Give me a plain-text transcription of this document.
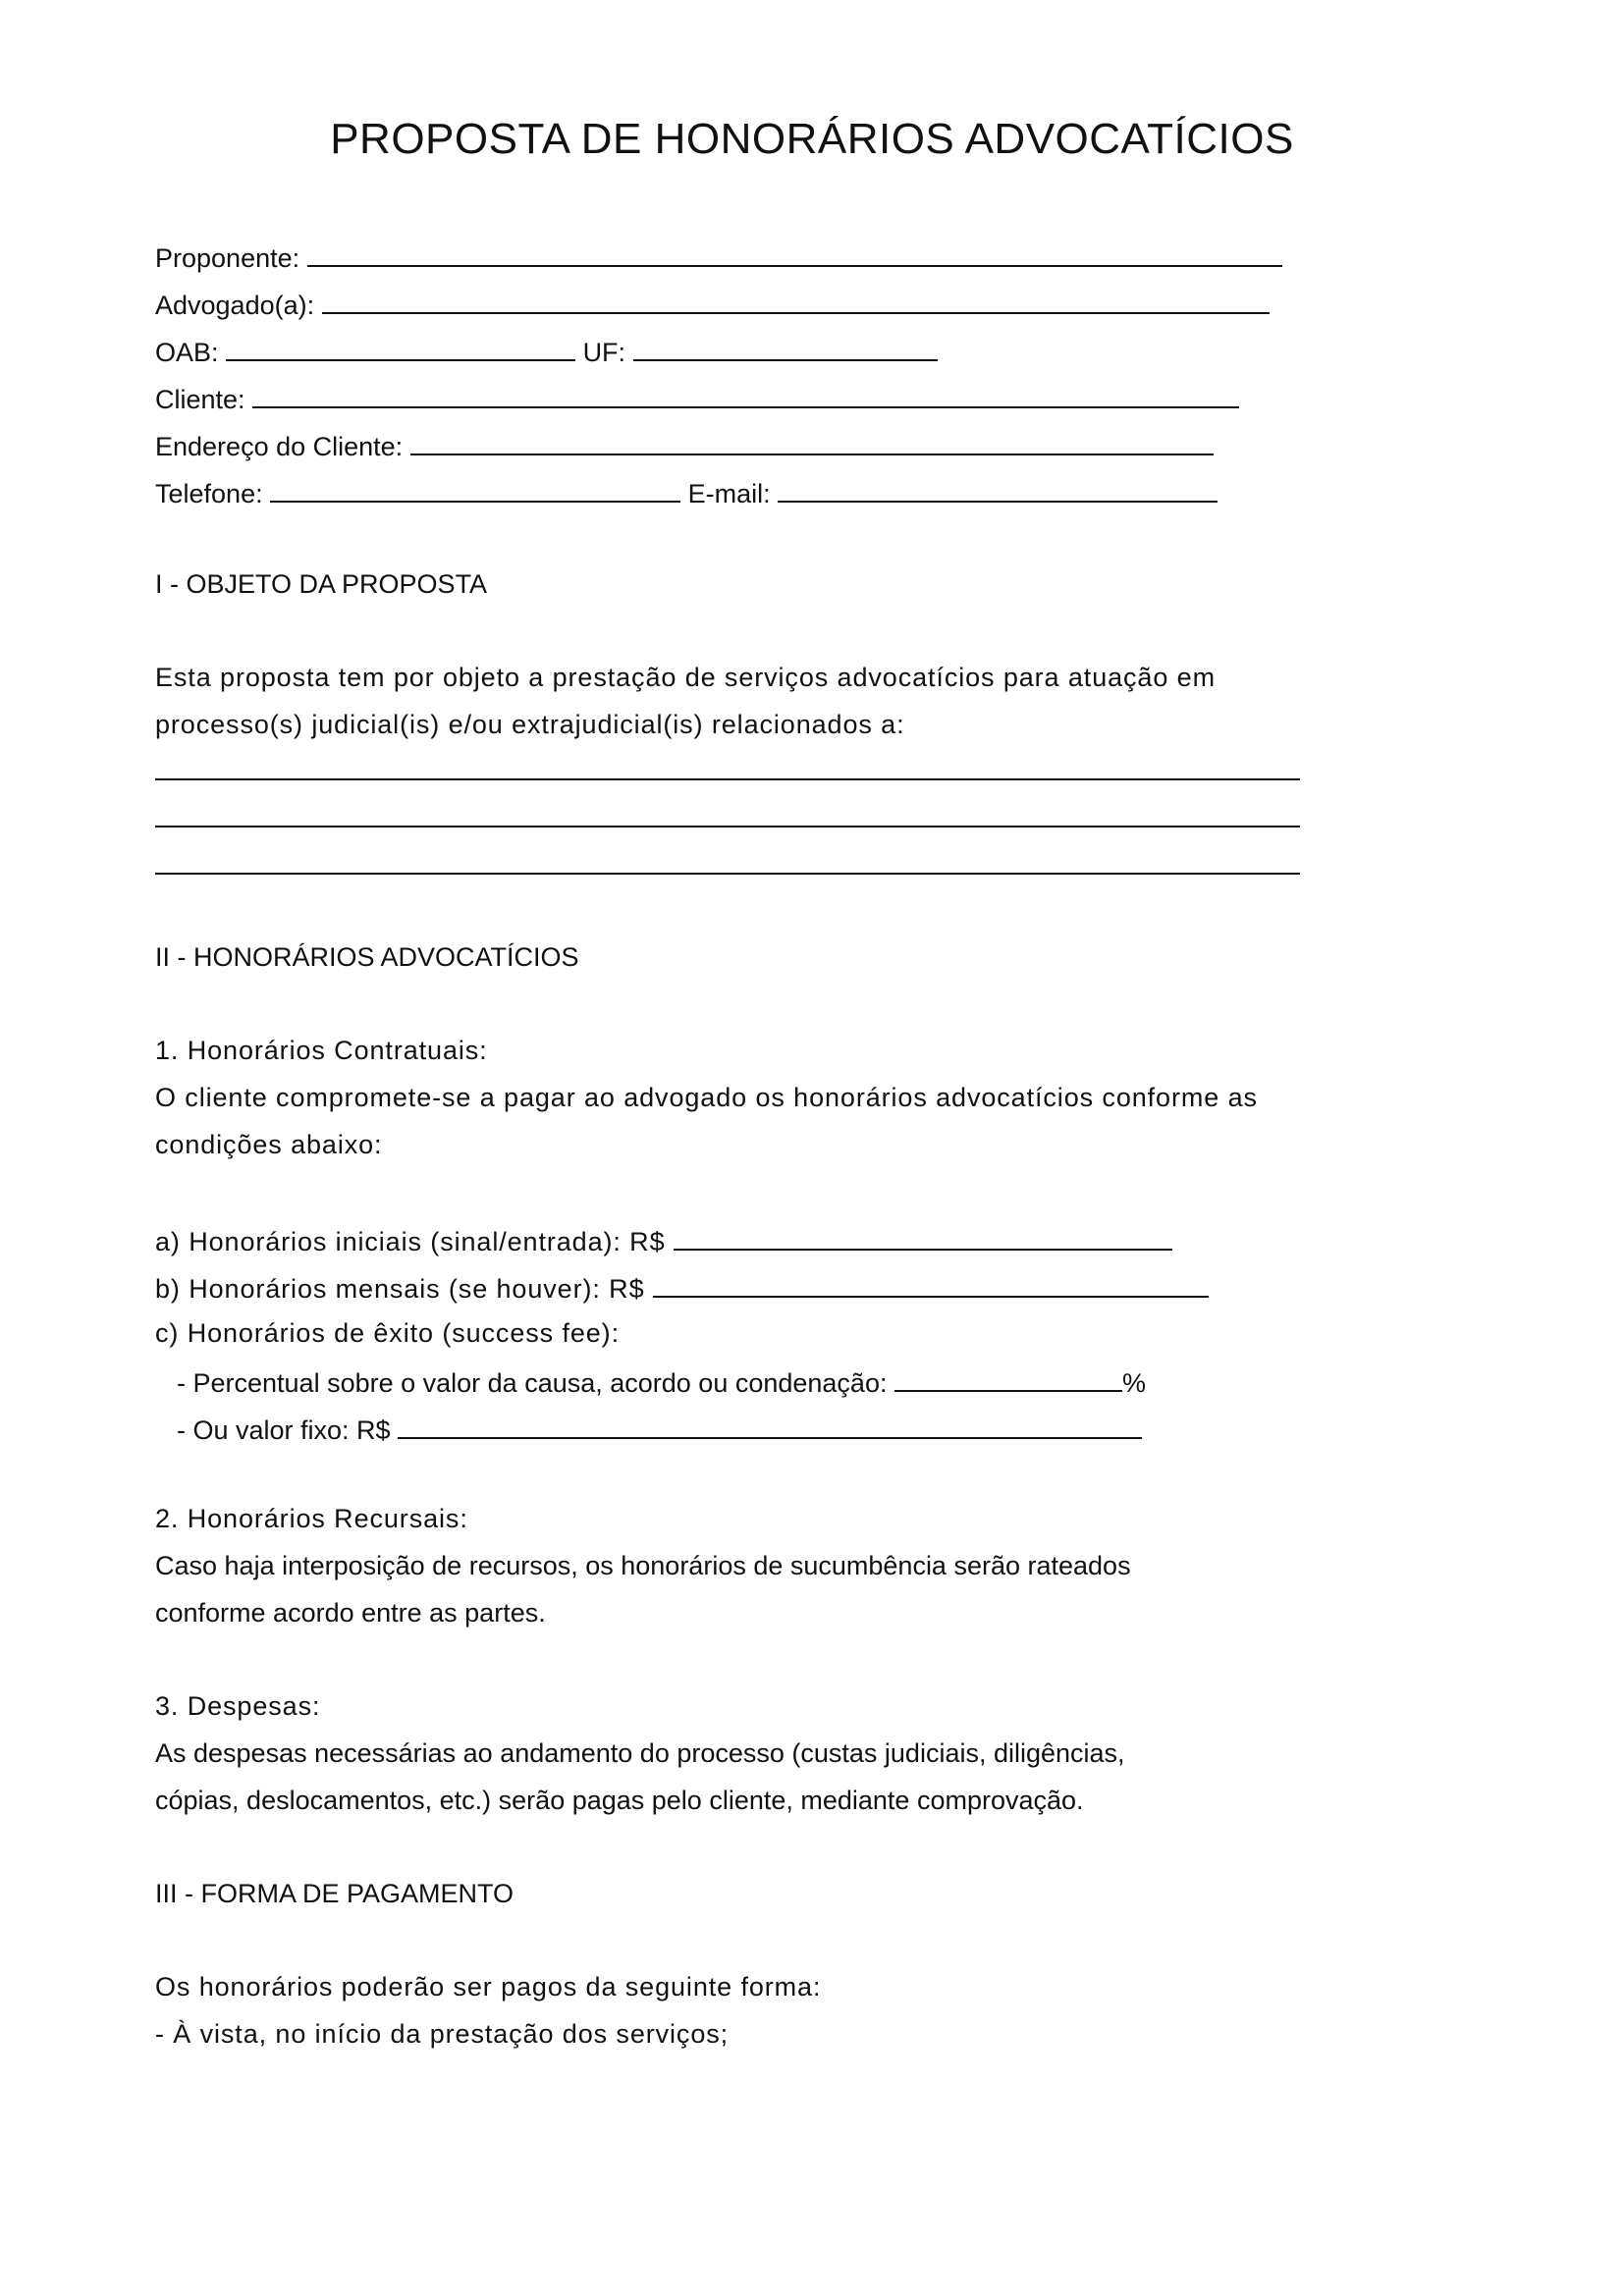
PROPOSTA DE HONORÁRIOS ADVOCATÍCIOS
Proponente:
Advogado(a):
OAB:	UF:
Cliente:
Endereço do Cliente:
Telefone:	E-mail:
I - OBJETO DA PROPOSTA
Esta proposta tem por objeto a prestação de serviços advocatícios para atuação em
processo(s) judicial(is) e/ou extrajudicial(is) relacionados a:
II - HONORÁRIOS ADVOCATÍCIOS
1. Honorários Contratuais:
O cliente compromete-se a pagar ao advogado os honorários advocatícios conforme as
condições abaixo:
a) Honorários iniciais (sinal/entrada): R$
b) Honorários mensais (se houver): R$
c) Honorários de êxito (success fee):
- Percentual sobre o valor da causa, acordo ou condenação:	%
- Ou valor fixo: R$
2. Honorários Recursais:
Caso haja interposição de recursos, os honorários de sucumbência serão rateados
conforme acordo entre as partes.
3. Despesas:
As despesas necessárias ao andamento do processo (custas judiciais, diligências,
cópias, deslocamentos, etc.) serão pagas pelo cliente, mediante comprovação.
III - FORMA DE PAGAMENTO
Os honorários poderão ser pagos da seguinte forma:
- À vista, no início da prestação dos serviços;
